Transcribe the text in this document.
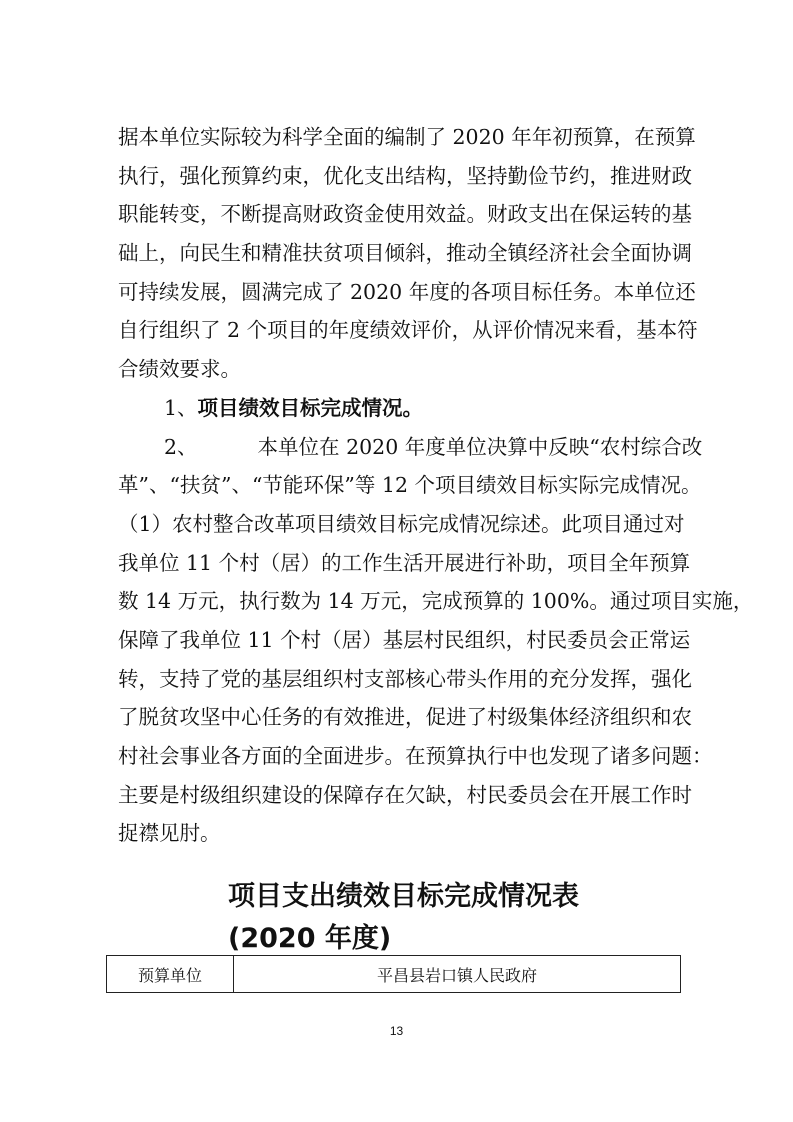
据本单位实际较为科学全面的编制了 2020 年年初预算，在预算
执行，强化预算约束，优化支出结构，坚持勤俭节约，推进财政
职能转变，不断提高财政资金使用效益。财政支出在保运转的基
础上，向民生和精准扶贫项目倾斜，推动全镇经济社会全面协调
可持续发展，圆满完成了 2020 年度的各项目标任务。本单位还
自行组织了 2 个项目的年度绩效评价，从评价情况来看，基本符
合绩效要求。
1、项目绩效目标完成情况。
2、	本单位在 2020 年度单位决算中反映“农村综合改
革”、“扶贫”、“节能环保”等 12 个项目绩效目标实际完成情况。
（1）农村整合改革项目绩效目标完成情况综述。此项目通过对
我单位 11 个村（居）的工作生活开展进行补助，项目全年预算
数 14 万元，执行数为 14 万元，完成预算的 100%。通过项目实施，
保障了我单位 11 个村（居）基层村民组织，村民委员会正常运
转，支持了党的基层组织村支部核心带头作用的充分发挥，强化
了脱贫攻坚中心任务的有效推进，促进了村级集体经济组织和农
村社会事业各方面的全面进步。在预算执行中也发现了诸多问题：
主要是村级组织建设的保障存在欠缺，村民委员会在开展工作时
捉襟见肘。
项目支出绩效目标完成情况表
(2020 年度)
预算单位	平昌县岩口镇人民政府
13
